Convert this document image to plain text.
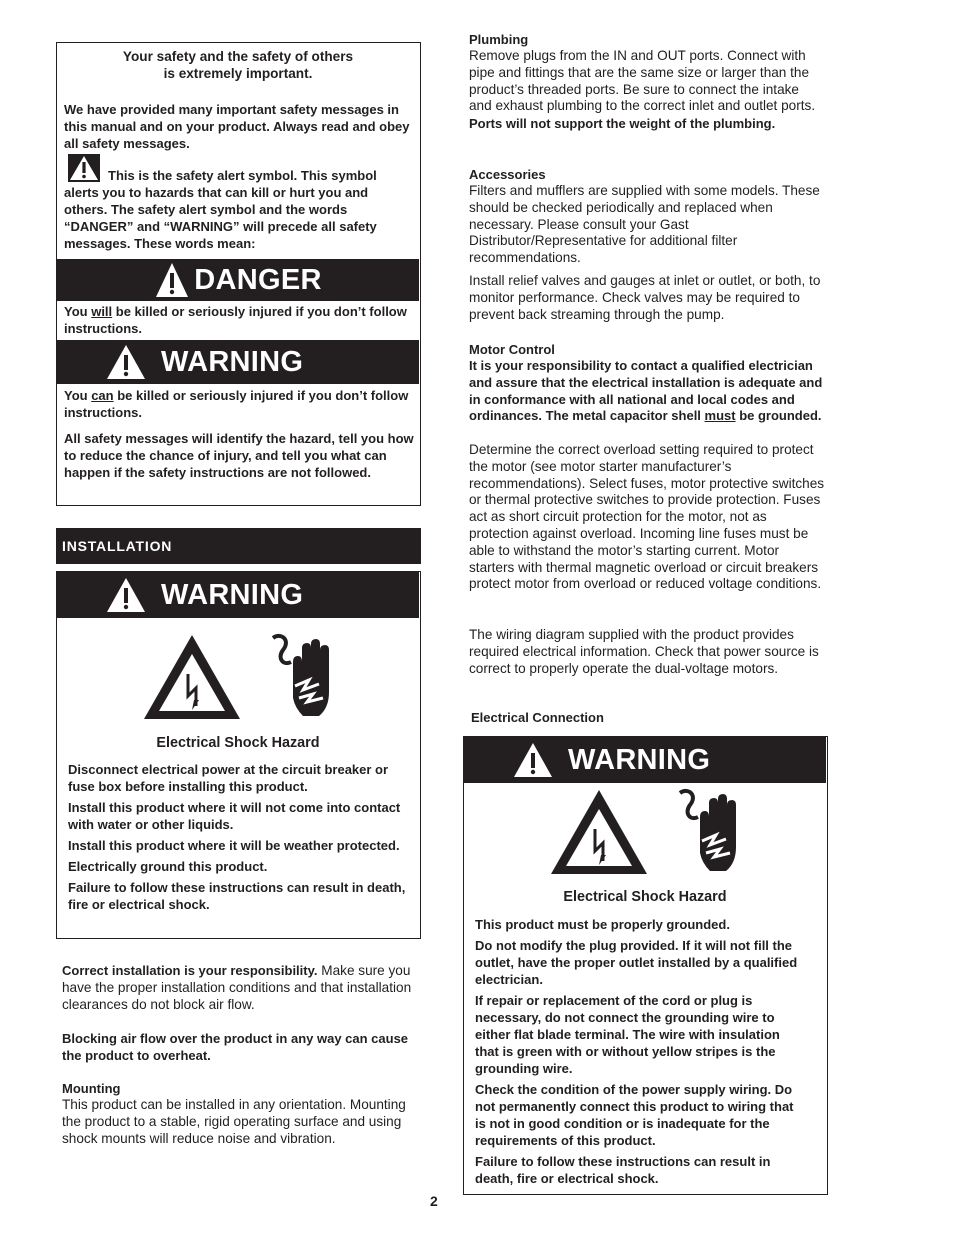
Your safety and the safety of others
is extremely important.

We have provided many important safety messages in this manual and on your product. Always read and obey all safety messages.

This is the safety alert symbol. This symbol alerts you to hazards that can kill or hurt you and others. The safety alert symbol and the words “DANGER” and “WARNING” will precede all safety messages. These words mean:

DANGER

You will be killed or seriously injured if you don’t follow instructions.

WARNING

You can be killed or seriously injured if you don’t follow instructions.

All safety messages will identify the hazard, tell you how to reduce the chance of injury, and tell you what can happen if the safety instructions are not followed.

INSTALLATION
WARNING
Electrical Shock Hazard

Disconnect electrical power at the circuit breaker or fuse box before installing this product.

Install this product where it will not come into contact with water or other liquids.

Install this product where it will be weather protected.

Electrically ground this product.

Failure to follow these instructions can result in death, fire or electrical shock.

Correct installation is your responsibility. Make sure you have the proper installation conditions and that installation clearances do not block air flow.

Blocking air flow over the product in any way can cause the product to overheat.

Mounting

This product can be installed in any orientation. Mounting the product to a stable, rigid operating surface and using shock mounts will reduce noise and vibration.

Plumbing

Remove plugs from the IN and OUT ports. Connect with pipe and fittings that are the same size or larger than the product’s threaded ports. Be sure to connect the intake and exhaust plumbing to the correct inlet and outlet ports. Ports will not support the weight of the plumbing.

Accessories

Filters and mufflers are supplied with some models. These should be checked periodically and replaced when necessary. Please consult your Gast Distributor/Representative for additional filter recommendations.

Install relief valves and gauges at inlet or outlet, or both, to monitor performance. Check valves may be required to prevent back streaming through the pump.

Motor Control

It is your responsibility to contact a qualified electrician and assure that the electrical installation is adequate and in conformance with all national and local codes and ordinances. The metal capacitor shell must be grounded.

Determine the correct overload setting required to protect the motor (see motor starter manufacturer’s recommendations). Select fuses, motor protective switches or thermal protective switches to provide protection. Fuses act as short circuit protection for the motor, not as protection against overload. Incoming line fuses must be able to withstand the motor’s starting current. Motor starters with thermal magnetic overload or circuit breakers protect motor from overload or reduced voltage conditions.

The wiring diagram supplied with the product provides required electrical information. Check that power source is correct to properly operate the dual-voltage motors.

Electrical Connection
WARNING
Electrical Shock Hazard

This product must be properly grounded.

Do not modify the plug provided. If it will not fill the outlet, have the proper outlet installed by a qualified electrician.

If repair or replacement of the cord or plug is necessary, do not connect the grounding wire to either flat blade terminal. The wire with insulation that is green with or without yellow stripes is the grounding wire.

Check the condition of the power supply wiring. Do not permanently connect this product to wiring that is not in good condition or is inadequate for the requirements of this product.

Failure to follow these instructions can result in death, fire or electrical shock.

2
